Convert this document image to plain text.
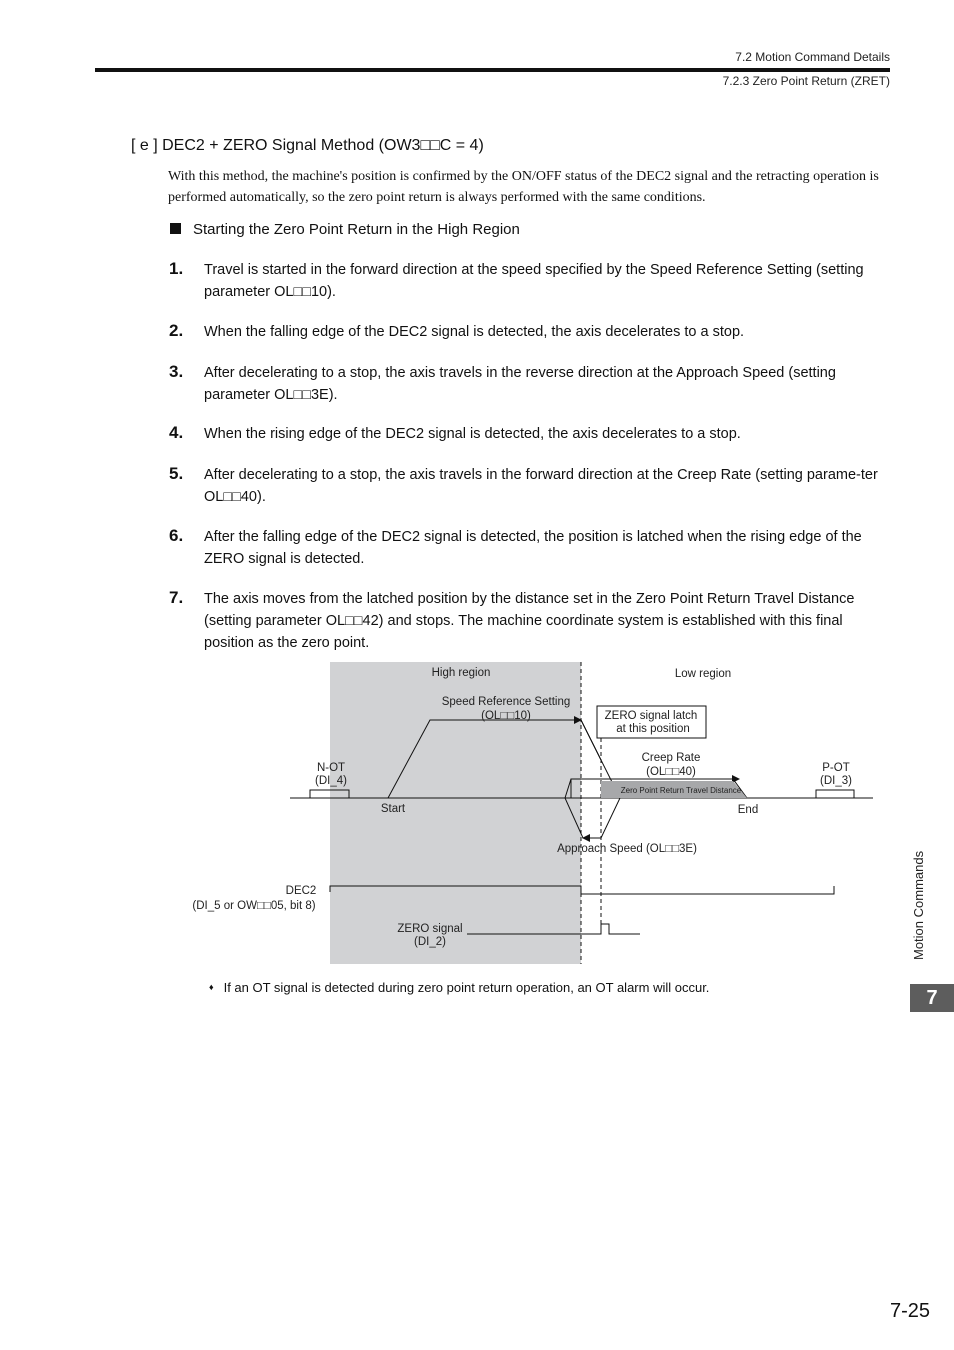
7.2 Motion Command Details
7.2.3 Zero Point Return (ZRET)
[ e ] DEC2 + ZERO Signal Method (OW3□□C = 4)
With this method, the machine's position is confirmed by the ON/OFF status of the DEC2 signal and the retracting operation is performed automatically, so the zero point return is always performed with the same conditions.
Starting the Zero Point Return in the High Region
1. Travel is started in the forward direction at the speed specified by the Speed Reference Setting (setting parameter OL□□10).
2. When the falling edge of the DEC2 signal is detected, the axis decelerates to a stop.
3. After decelerating to a stop, the axis travels in the reverse direction at the Approach Speed (setting parameter OL□□3E).
4. When the rising edge of the DEC2 signal is detected, the axis decelerates to a stop.
5. After decelerating to a stop, the axis travels in the forward direction at the Creep Rate (setting parame-ter OL□□40).
6. After the falling edge of the DEC2 signal is detected, the position is latched when the rising edge of the ZERO signal is detected.
7. The axis moves from the latched position by the distance set in the Zero Point Return Travel Distance (setting parameter OL□□42) and stops. The machine coordinate system is established with this final position as the zero point.
Zero Point Return Travel Distance
ZERO signal latch
at this position
High region	Low region
Speed Reference Setting
(OL□□10)
Creep Rate
(OL□□40)
N-OT
(DI_4)
P-OT
(DI_3)
Start	End
Approach Speed (OL□□3E)
DEC2
(DI_5 or OW□□05, bit 8)
ZERO signal
(DI_2)
♦ If an OT signal is detected during zero point return operation, an OT alarm will occur.
Motion Commands
7
7-25
